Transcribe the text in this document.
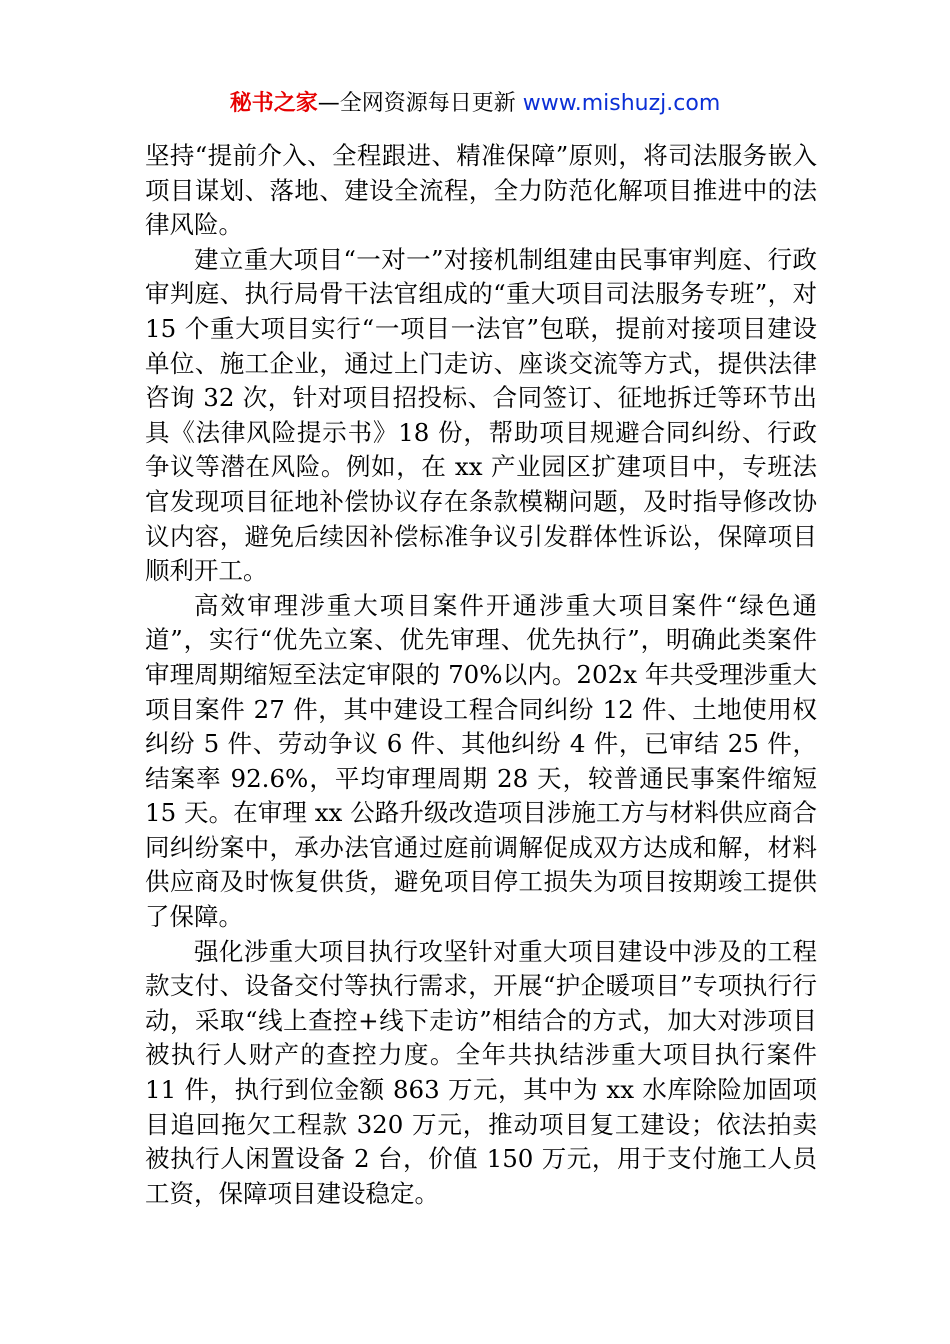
秘书之家—全网资源每日更新 www.mishuzj.com

坚持“提前介入、全程跟进、精准保障”原则，将司法服务嵌入项目谋划、落地、建设全流程，全力防范化解项目推进中的法律风险。

建立重大项目“一对一”对接机制组建由民事审判庭、行政审判庭、执行局骨干法官组成的“重大项目司法服务专班”，对 15 个重大项目实行“一项目一法官”包联，提前对接项目建设单位、施工企业，通过上门走访、座谈交流等方式，提供法律咨询 32 次，针对项目招投标、合同签订、征地拆迁等环节出具《法律风险提示书》18 份，帮助项目规避合同纠纷、行政争议等潜在风险。例如，在 xx 产业园区扩建项目中，专班法官发现项目征地补偿协议存在条款模糊问题，及时指导修改协议内容，避免后续因补偿标准争议引发群体性诉讼，保障项目顺利开工。

高效审理涉重大项目案件开通涉重大项目案件“绿色通道”，实行“优先立案、优先审理、优先执行”，明确此类案件审理周期缩短至法定审限的 70%以内。202x 年共受理涉重大项目案件 27 件，其中建设工程合同纠纷 12 件、土地使用权纠纷 5 件、劳动争议 6 件、其他纠纷 4 件，已审结 25 件，结案率 92.6%，平均审理周期 28 天，较普通民事案件缩短 15 天。在审理 xx 公路升级改造项目涉施工方与材料供应商合同纠纷案中，承办法官通过庭前调解促成双方达成和解，材料供应商及时恢复供货，避免项目停工损失为项目按期竣工提供了保障。

强化涉重大项目执行攻坚针对重大项目建设中涉及的工程款支付、设备交付等执行需求，开展“护企暖项目”专项执行行动，采取“线上查控+线下走访”相结合的方式，加大对涉项目被执行人财产的查控力度。全年共执结涉重大项目执行案件 11 件，执行到位金额 863 万元，其中为 xx 水库除险加固项目追回拖欠工程款 320 万元，推动项目复工建设；依法拍卖被执行人闲置设备 2 台，价值 150 万元，用于支付施工人员工资，保障项目建设稳定。
